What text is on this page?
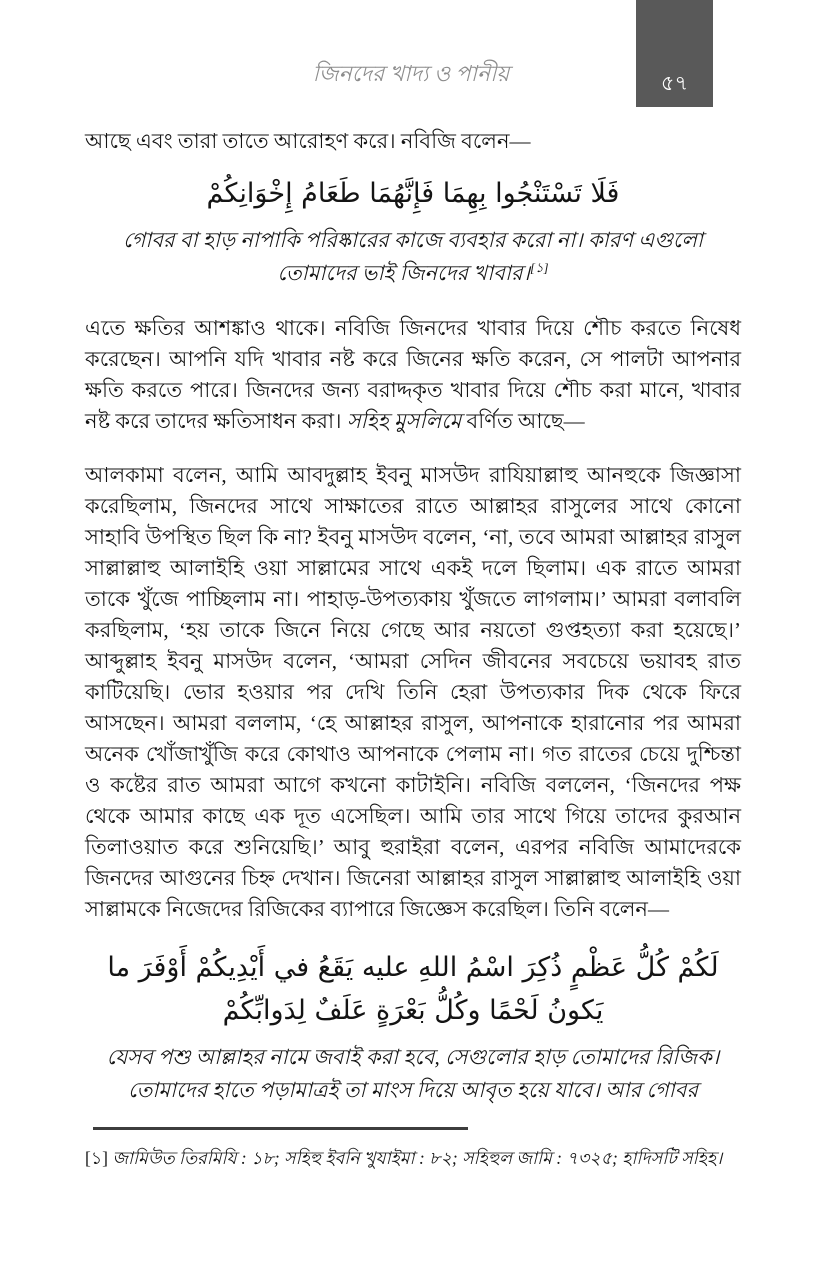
৫৭
জিনদের খাদ্য ও পানীয়

আছে এবং তারা তাতে আরোহণ করে। নবিজি বলেন—

فَلَا تَسْتَنْجُوا بِهِمَا فَإِنَّهُمَا طَعَامُ إِخْوَانِكُمْ
গোবর বা হাড় নাপাকি পরিষ্কারের কাজে ব্যবহার করো না। কারণ এগুলো তোমাদের ভাই জিনদের খাবার।[১]

এতে ক্ষতির আশঙ্কাও থাকে। নবিজি জিনদের খাবার দিয়ে শৌচ করতে নিষেধ করেছেন। আপনি যদি খাবার নষ্ট করে জিনের ক্ষতি করেন, সে পালটা আপনার ক্ষতি করতে পারে। জিনদের জন্য বরাদ্দকৃত খাবার দিয়ে শৌচ করা মানে, খাবার নষ্ট করে তাদের ক্ষতিসাধন করা। সহিহ মুসলিমে বর্ণিত আছে—

আলকামা বলেন, আমি আবদুল্লাহ ইবনু মাসউদ রাযিয়াল্লাহু আনহুকে জিজ্ঞাসা করেছিলাম, জিনদের সাথে সাক্ষাতের রাতে আল্লাহর রাসুলের সাথে কোনো সাহাবি উপস্থিত ছিল কি না? ইবনু মাসউদ বলেন, ‘না, তবে আমরা আল্লাহর রাসুল সাল্লাল্লাহু আলাইহি ওয়া সাল্লামের সাথে একই দলে ছিলাম। এক রাতে আমরা তাকে খুঁজে পাচ্ছিলাম না। পাহাড়-উপত্যকায় খুঁজতে লাগলাম।’ আমরা বলাবলি করছিলাম, ‘হয় তাকে জিনে নিয়ে গেছে আর নয়তো গুপ্তহত্যা করা হয়েছে।’ আব্দুল্লাহ ইবনু মাসউদ বলেন, ‘আমরা সেদিন জীবনের সবচেয়ে ভয়াবহ রাত কাটিয়েছি। ভোর হওয়ার পর দেখি তিনি হেরা উপত্যকার দিক থেকে ফিরে আসছেন। আমরা বললাম, ‘হে আল্লাহর রাসুল, আপনাকে হারানোর পর আমরা অনেক খোঁজাখুঁজি করে কোথাও আপনাকে পেলাম না। গত রাতের চেয়ে দুশ্চিন্তা ও কষ্টের রাত আমরা আগে কখনো কাটাইনি। নবিজি বললেন, ‘জিনদের পক্ষ থেকে আমার কাছে এক দূত এসেছিল। আমি তার সাথে গিয়ে তাদের কুরআন তিলাওয়াত করে শুনিয়েছি।’ আবু হুরাইরা বলেন, এরপর নবিজি আমাদেরকে জিনদের আগুনের চিহ্ন দেখান। জিনেরা আল্লাহর রাসুল সাল্লাল্লাহু আলাইহি ওয়া সাল্লামকে নিজেদের রিজিকের ব্যাপারে জিজ্ঞেস করেছিল। তিনি বলেন—

لَكُمْ كُلُّ عَظْمٍ ذُكِرَ اسْمُ اللهِ عليه يَقَعُ في أَيْدِيكُمْ أَوْفَرَ ما يَكونُ لَحْمًا وكُلُّ بَعْرَةٍ عَلَفٌ لِدَوابِّكُمْ
যেসব পশু আল্লাহর নামে জবাই করা হবে, সেগুলোর হাড় তোমাদের রিজিক। তোমাদের হাতে পড়ামাত্রই তা মাংস দিয়ে আবৃত হয়ে যাবে। আর গোবর

[১] জামিউত তিরমিযি : ১৮; সহিহু ইবনি খুযাইমা : ৮২; সহিহুল জামি : ৭৩২৫; হাদিসটি সহিহ।
